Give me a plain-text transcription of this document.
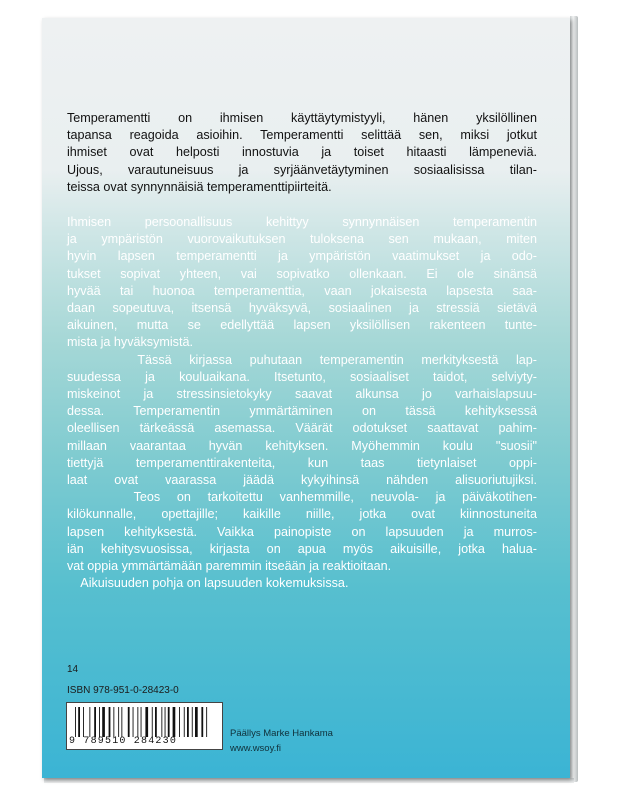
Temperamentti on ihmisen käyttäytymistyyli, hänen yksilöllinen
tapansa reagoida asioihin. Temperamentti selittää sen, miksi jotkut
ihmiset ovat helposti innostuvia ja toiset hitaasti lämpeneviä.
Ujous, varautuneisuus ja syrjäänvetäytyminen sosiaalisissa tilan-
teissa ovat synnynnäisiä temperamenttipiirteitä.
Ihmisen persoonallisuus kehittyy synnynnäisen temperamentin
ja ympäristön vuorovaikutuksen tuloksena sen mukaan, miten
hyvin lapsen temperamentti ja ympäristön vaatimukset ja odo-
tukset sopivat yhteen, vai sopivatko ollenkaan. Ei ole sinänsä
hyvää tai huonoa temperamenttia, vaan jokaisesta lapsesta saa-
daan sopeutuva, itsensä hyväksyvä, sosiaalinen ja stressiä sietävä
aikuinen, mutta se edellyttää lapsen yksilöllisen rakenteen tunte-
mista ja hyväksymistä.
Tässä kirjassa puhutaan temperamentin merkityksestä lap-
suudessa ja kouluaikana. Itsetunto, sosiaaliset taidot, selviyty-
miskeinot ja stressinsietokyky saavat alkunsa jo varhaislapsuu-
dessa. Temperamentin ymmärtäminen on tässä kehityksessä
oleellisen tärkeässä asemassa. Väärät odotukset saattavat pahim-
millaan vaarantaa hyvän kehityksen. Myöhemmin koulu "suosii"
tiettyjä temperamenttirakenteita, kun taas tietynlaiset oppi-
laat ovat vaarassa jäädä kykyihinsä nähden alisuoriutujiksi.
Teos on tarkoitettu vanhemmille, neuvola- ja päiväkotihen-
kilökunnalle, opettajille; kaikille niille, jotka ovat kiinnostuneita
lapsen kehityksestä. Vaikka painopiste on lapsuuden ja murros-
iän kehitysvuosissa, kirjasta on apua myös aikuisille, jotka halua-
vat oppia ymmärtämään paremmin itseään ja reaktioitaan.
Aikuisuuden pohja on lapsuuden kokemuksissa.
14
ISBN 978-951-0-28423-0
9 789510 284230
Päällys Marke Hankama
www.wsoy.fi
